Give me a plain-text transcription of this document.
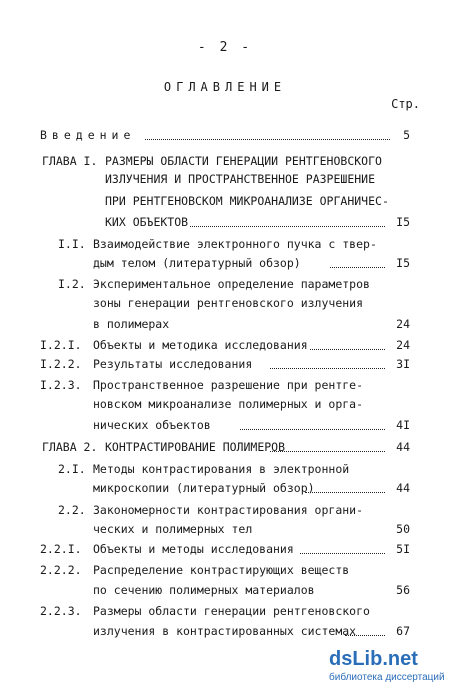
- 2 -
ОГЛАВЛЕНИЕ
Стр.
Введение	5
ГЛАВА I. РАЗМЕРЫ ОБЛАСТИ ГЕНЕРАЦИИ РЕНТГЕНОВСКОГО
ИЗЛУЧЕНИЯ И ПРОСТРАНСТВЕННОЕ РАЗРЕШЕНИЕ
ПРИ РЕНТГЕНОВСКОМ МИКРОАНАЛИЗЕ ОРГАНИЧЕС-
КИХ ОБЪЕКТОВ	I5
I.I. Взаимодействие электронного пучка с твер-
дым телом (литературный обзор)	I5
I.2. Экспериментальное определение параметров
зоны генерации рентгеновского излучения
в полимерах	24
I.2.I. Объекты и методика исследования	24
I.2.2. Результаты исследования	3I
I.2.3. Пространственное разрешение при рентге-
новском микроанализе полимерных и орга-
нических объектов	4I
ГЛАВА 2. КОНТРАСТИРОВАНИЕ ПОЛИМЕРОВ	44
2.I. Методы контрастирования в электронной
микроскопии (литературный обзор)	44
2.2. Закономерности контрастирования органи-
ческих и полимерных тел	50
2.2.I. Объекты и методы исследования	5I
2.2.2. Распределение контрастирующих веществ
по сечению полимерных материалов	56
2.2.3. Размеры области генерации рентгеновского
излучения в контрастированных системах	67
dsLib.net
библиотека диссертаций
